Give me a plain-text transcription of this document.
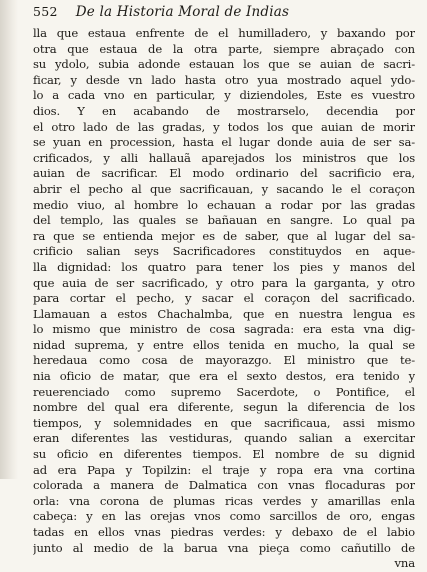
552 De la Historia Moral de Indias
lla que estaua enfrente de el humilladero, y baxando por
otra que estaua de la otra parte, siempre abraçado con
su ydolo, subia adonde estauan los que se auian de sacri-
ficar, y desde vn lado hasta otro yua mostrado aquel ydo-
lo a cada vno en particular, y diziendoles, Este es vuestro
dios. Y en acabando de mostrarselo, decendia por
el otro lado de las gradas, y todos los que auian de morir
se yuan en procession, hasta el lugar donde auia de ser sa-
crificados, y alli hallauã aparejados los ministros que los
auian de sacrificar. El modo ordinario del sacrificio era,
abrir el pecho al que sacrificauan, y sacando le el coraçon
medio viuo, al hombre lo echauan a rodar por las gradas
del templo, las quales se bañauan en sangre. Lo qual pa
ra que se entienda mejor es de saber, que al lugar del sa-
crificio salian seys Sacrificadores constituydos en aque-
lla dignidad: los quatro para tener los pies y manos del
que auia de ser sacrificado, y otro para la garganta, y otro
para cortar el pecho, y sacar el coraçon del sacrificado.
Llamauan a estos Chachalmba, que en nuestra lengua es
lo mismo que ministro de cosa sagrada: era esta vna dig-
nidad suprema, y entre ellos tenida en mucho, la qual se
heredaua como cosa de mayorazgo. El ministro que te-
nia oficio de matar, que era el sexto destos, era tenido y
reuerenciado como supremo Sacerdote, o Pontifice, el
nombre del qual era diferente, segun la diferencia de los
tiempos, y solemnidades en que sacrificaua, assi mismo
eran diferentes las vestiduras, quando salian a exercitar
su oficio en diferentes tiempos. El nombre de su dignid
ad era Papa y Topilzin: el traje y ropa era vna cortina
colorada a manera de Dalmatica con vnas flocaduras por
orla: vna corona de plumas ricas verdes y amarillas enla
cabeça: y en las orejas vnos como sarcillos de oro, engas
tadas en ellos vnas piedras verdes: y debaxo de el labio
junto al medio de la barua vna pieça como cañutillo de
vna
